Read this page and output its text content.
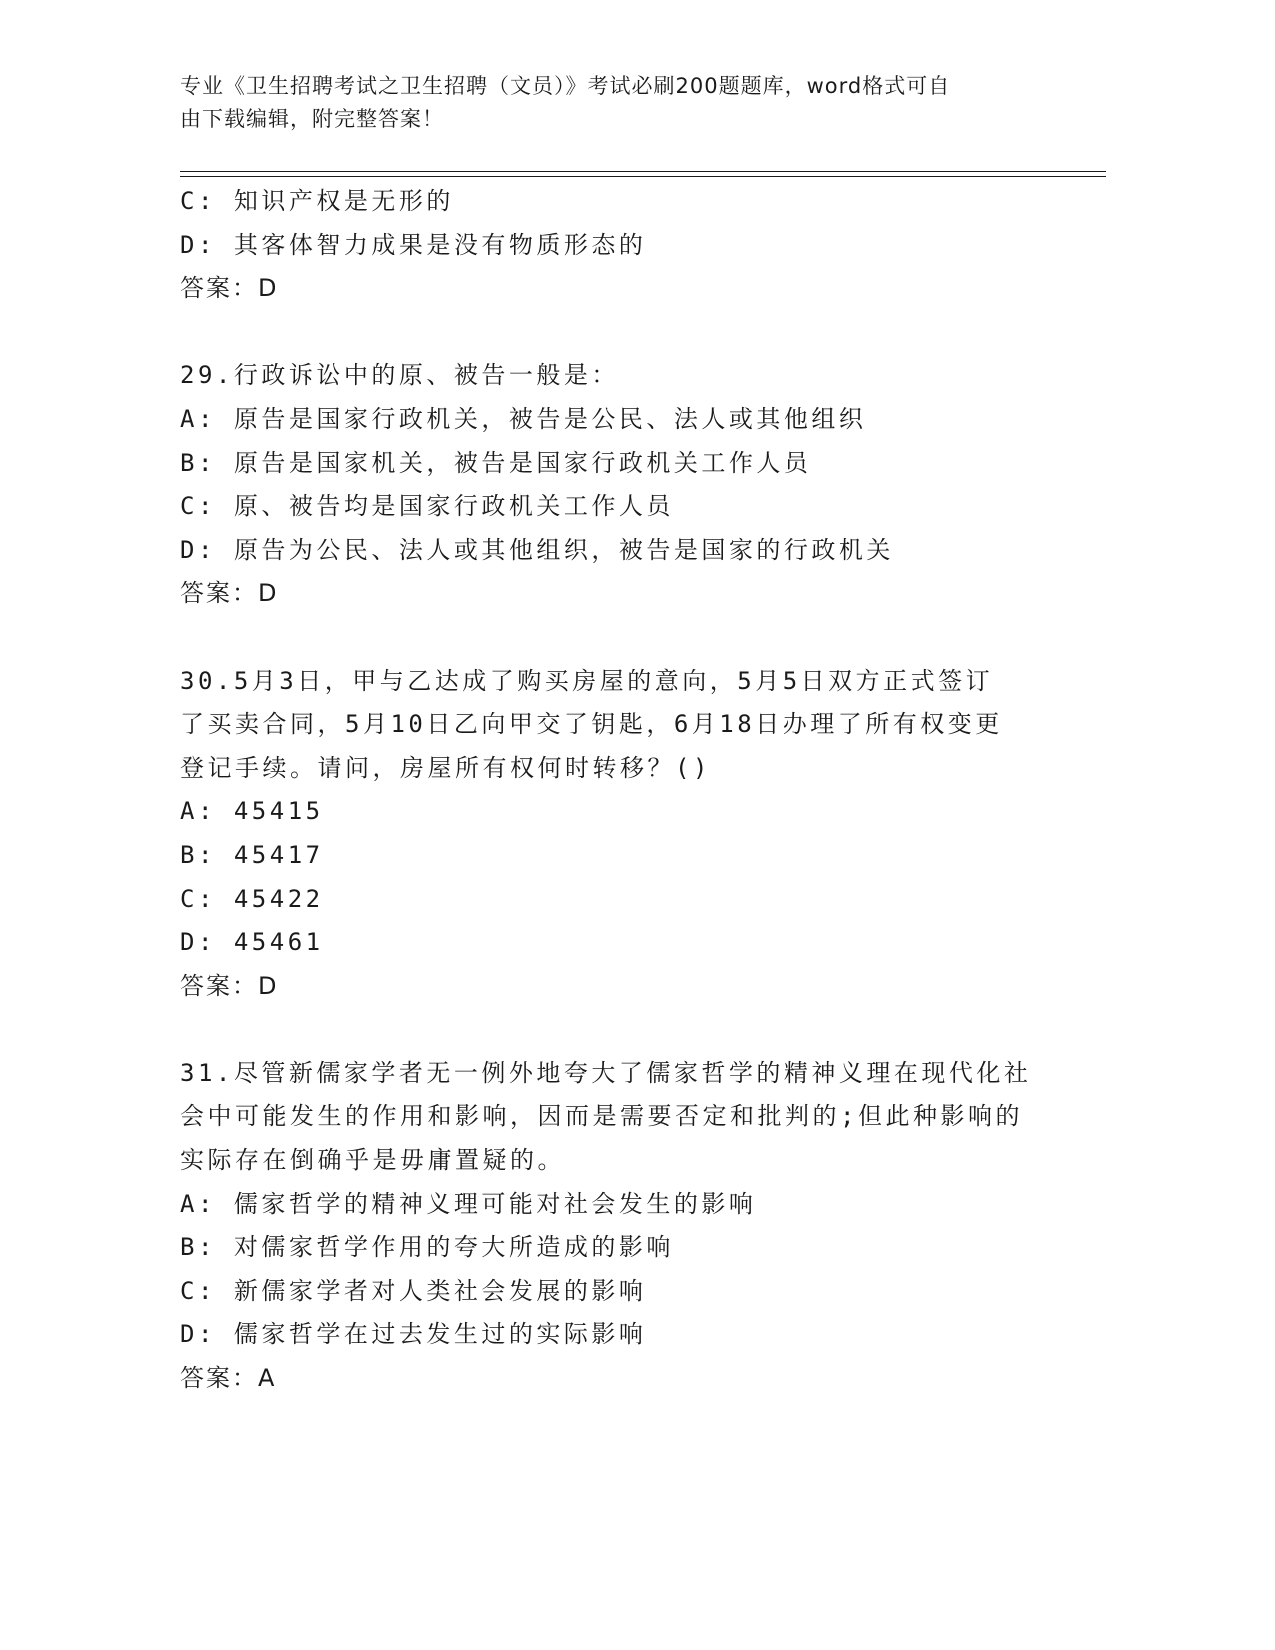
专业《卫生招聘考试之卫生招聘（文员）》考试必刷200题题库，word格式可自
由下载编辑，附完整答案！
C: 知识产权是无形的
D: 其客体智力成果是没有物质形态的
答案：D
29.行政诉讼中的原、被告一般是：
A: 原告是国家行政机关，被告是公民、法人或其他组织
B: 原告是国家机关，被告是国家行政机关工作人员
C: 原、被告均是国家行政机关工作人员
D: 原告为公民、法人或其他组织，被告是国家的行政机关
答案：D
30.5月3日，甲与乙达成了购买房屋的意向，5月5日双方正式签订
了买卖合同，5月10日乙向甲交了钥匙，6月18日办理了所有权变更
登记手续。请问，房屋所有权何时转移？()
A: 45415
B: 45417
C: 45422
D: 45461
答案：D
31.尽管新儒家学者无一例外地夸大了儒家哲学的精神义理在现代化社
会中可能发生的作用和影响，因而是需要否定和批判的;但此种影响的
实际存在倒确乎是毋庸置疑的。
A: 儒家哲学的精神义理可能对社会发生的影响
B: 对儒家哲学作用的夸大所造成的影响
C: 新儒家学者对人类社会发展的影响
D: 儒家哲学在过去发生过的实际影响
答案：A
